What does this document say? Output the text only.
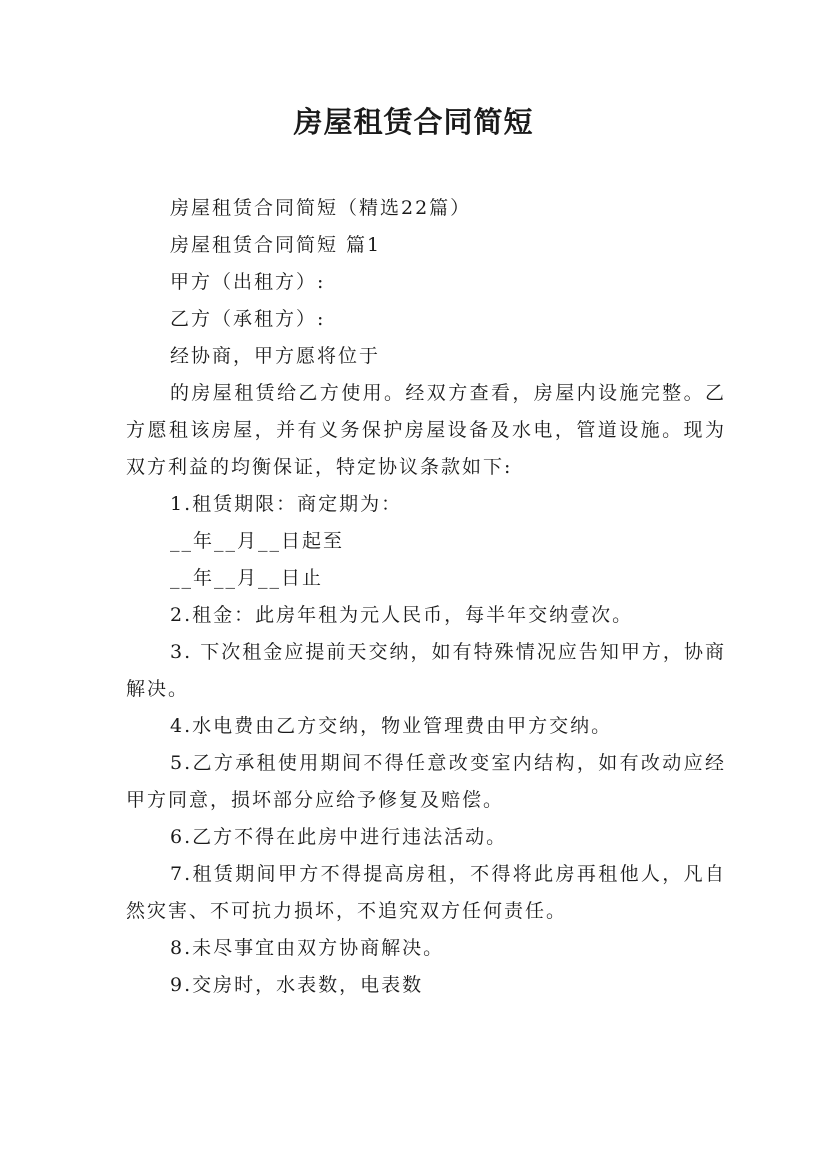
房屋租赁合同简短

房屋租赁合同简短（精选22篇）

房屋租赁合同简短 篇1

甲方（出租方）:

乙方（承租方）:

经协商，甲方愿将位于

的房屋租赁给乙方使用。经双方查看，房屋内设施完整。乙方愿租该房屋，并有义务保护房屋设备及水电，管道设施。现为双方利益的均衡保证，特定协议条款如下:

1.租赁期限：商定期为：

__年__月__日起至

__年__月__日止

2.租金：此房年租为元人民币，每半年交纳壹次。

3. 下次租金应提前天交纳，如有特殊情况应告知甲方，协商解决。

4.水电费由乙方交纳，物业管理费由甲方交纳。

5.乙方承租使用期间不得任意改变室内结构，如有改动应经甲方同意，损坏部分应给予修复及赔偿。

6.乙方不得在此房中进行违法活动。

7.租赁期间甲方不得提高房租，不得将此房再租他人，凡自然灾害、不可抗力损坏，不追究双方任何责任。

8.未尽事宜由双方协商解决。

9.交房时，水表数，电表数
